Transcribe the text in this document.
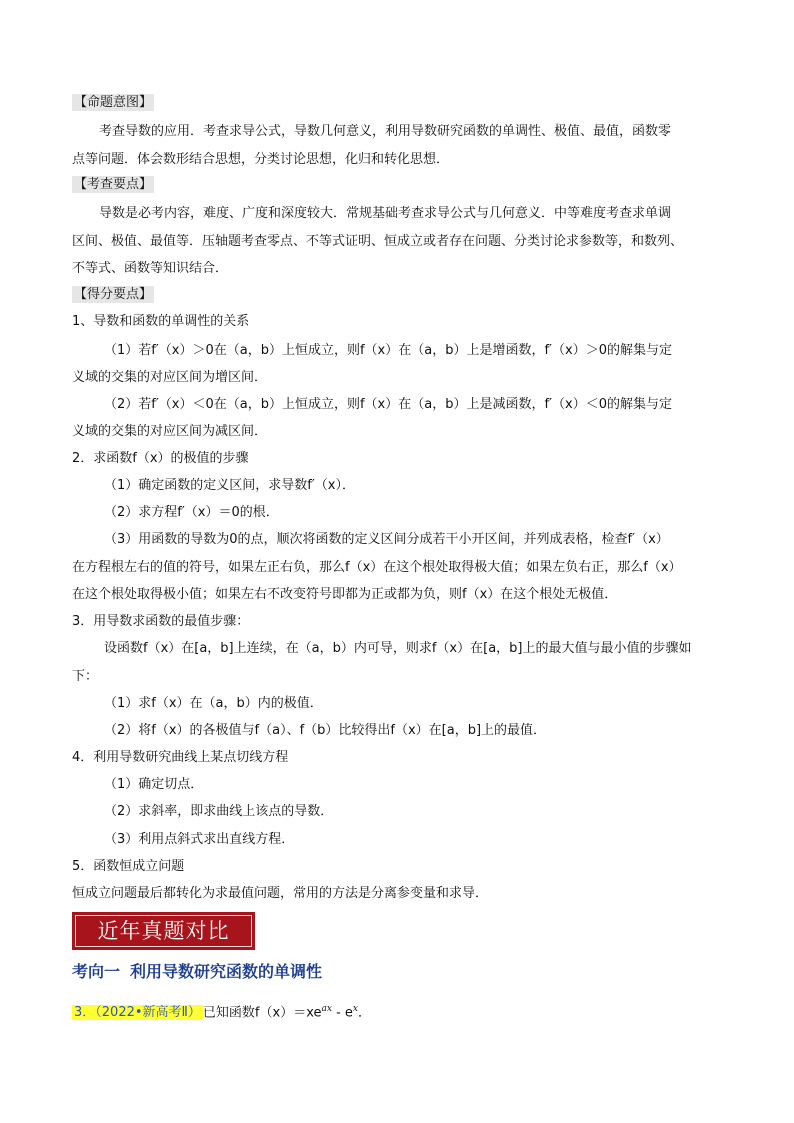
【命题意图】
考查导数的应用．考查求导公式，导数几何意义，利用导数研究函数的单调性、极值、最值，函数零
点等问题．体会数形结合思想，分类讨论思想，化归和转化思想．
【考查要点】
导数是必考内容，难度、广度和深度较大．常规基础考查求导公式与几何意义．中等难度考查求单调
区间、极值、最值等．压轴题考查零点、不等式证明、恒成立或者存在问题、分类讨论求参数等，和数列、
不等式、函数等知识结合．
【得分要点】
1、导数和函数的单调性的关系
（1）若f′（x）＞0在（a，b）上恒成立，则f（x）在（a，b）上是增函数，f′（x）＞0的解集与定
义域的交集的对应区间为增区间．
（2）若f′（x）＜0在（a，b）上恒成立，则f（x）在（a，b）上是减函数，f′（x）＜0的解集与定
义域的交集的对应区间为减区间．
2．求函数f（x）的极值的步骤
（1）确定函数的定义区间，求导数f′（x）．
（2）求方程f′（x）＝0的根．
（3）用函数的导数为0的点，顺次将函数的定义区间分成若干小开区间，并列成表格，检查f′（x）
在方程根左右的值的符号，如果左正右负，那么f（x）在这个根处取得极大值；如果左负右正，那么f（x）
在这个根处取得极小值；如果左右不改变符号即都为正或都为负，则f（x）在这个根处无极值．
3．用导数求函数的最值步骤：
设函数f（x）在[a，b]上连续，在（a，b）内可导，则求f（x）在[a，b]上的最大值与最小值的步骤如
下：
（1）求f（x）在（a，b）内的极值．
（2）将f（x）的各极值与f（a）、f（b）比较得出f（x）在[a，b]上的最值．
4．利用导数研究曲线上某点切线方程
（1）确定切点．
（2）求斜率，即求曲线上该点的导数．
（3）利用点斜式求出直线方程．
5．函数恒成立问题
恒成立问题最后都转化为求最值问题，常用的方法是分离参变量和求导．
近年真题对比
考向一 利用导数研究函数的单调性
3．（2022•新高考Ⅱ） 已知函数$f(x)=xe^{ax} - e^x$．
